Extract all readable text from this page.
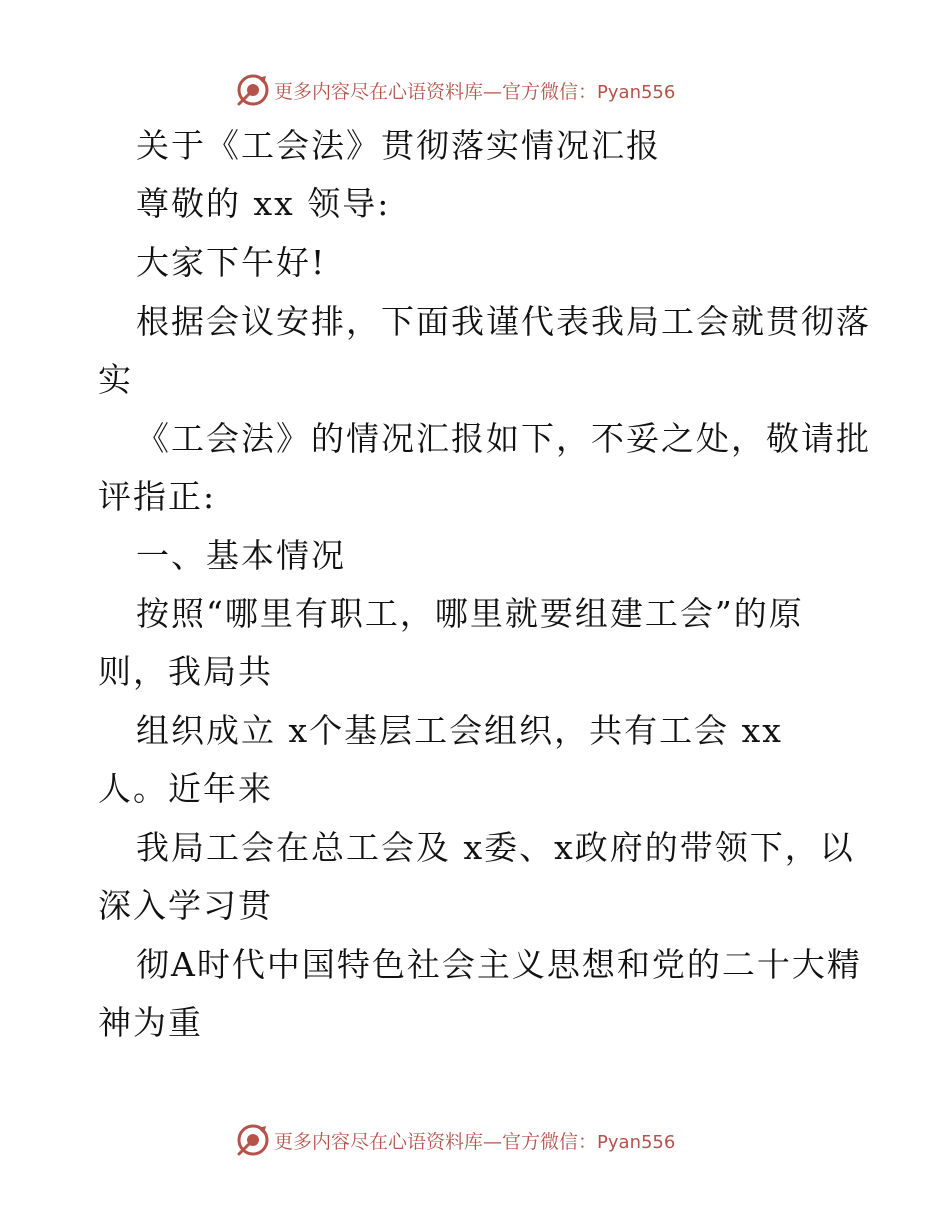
更多内容尽在心语资料库—官方微信：Pyan556

关于《工会法》贯彻落实情况汇报

尊敬的 xx 领导:

大家下午好!

根据会议安排，下面我谨代表我局工会就贯彻落

实

《工会法》的情况汇报如下，不妥之处，敬请批

评指正:

一、基本情况

按照“哪里有职工，哪里就要组建工会”的原

则，我局共

组织成立 x个基层工会组织，共有工会 xx

人。近年来

我局工会在总工会及 x委、x政府的带领下，以

深入学习贯

彻A时代中国特色社会主义思想和党的二十大精

神为重

更多内容尽在心语资料库—官方微信：Pyan556
